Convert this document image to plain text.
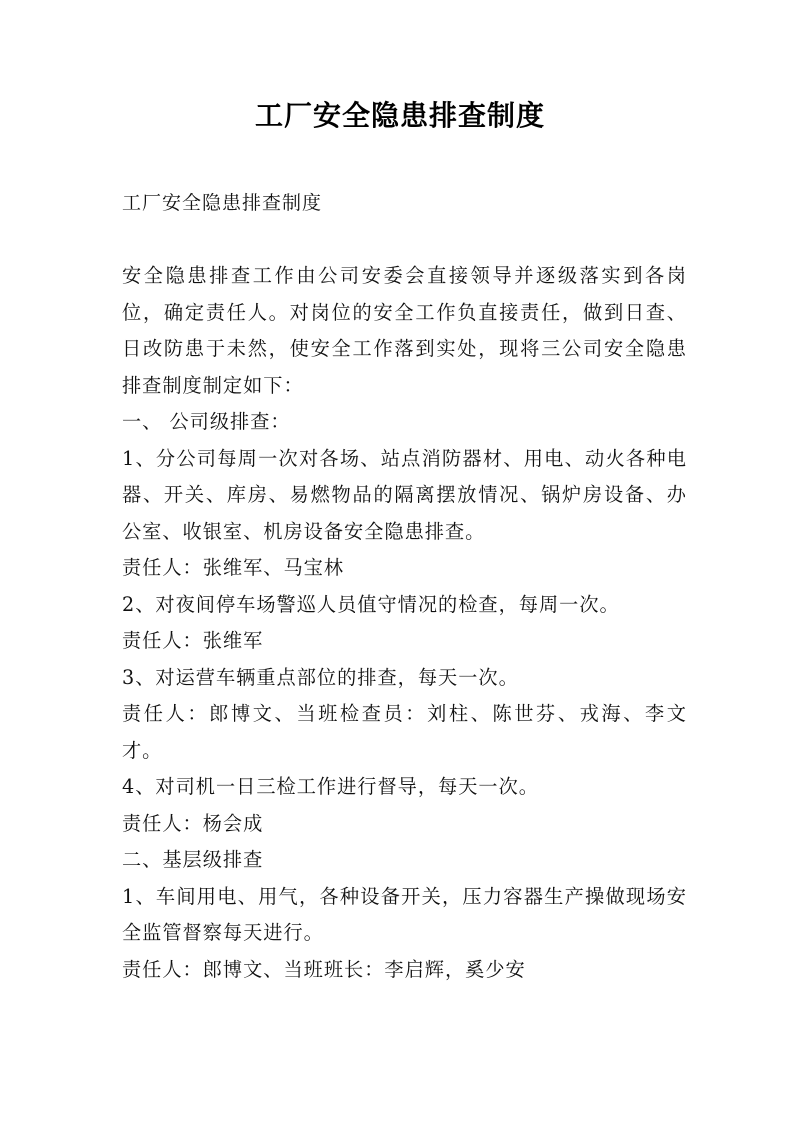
工厂安全隐患排查制度
工厂安全隐患排查制度

安全隐患排查工作由公司安委会直接领导并逐级落实到各岗位，确定责任人。对岗位的安全工作负直接责任，做到日查、 日改防患于未然，使安全工作落到实处，现将三公司安全隐患排查制度制定如下：

一、 公司级排查：

1、分公司每周一次对各场、站点消防器材、用电、动火各种电器、开关、库房、易燃物品的隔离摆放情况、锅炉房设备、办公室、收银室、机房设备安全隐患排查。

责任人：张维军、马宝林

2、对夜间停车场警巡人员值守情况的检查，每周一次。

责任人：张维军

3、对运营车辆重点部位的排查，每天一次。

责任人：郎博文、当班检查员：刘柱、陈世芬、戎海、李文才。

4、对司机一日三检工作进行督导，每天一次。

责任人：杨会成

二、基层级排查

1、车间用电、用气，各种设备开关，压力容器生产操做现场安全监管督察每天进行。

责任人：郎博文、当班班长：李启辉，奚少安
